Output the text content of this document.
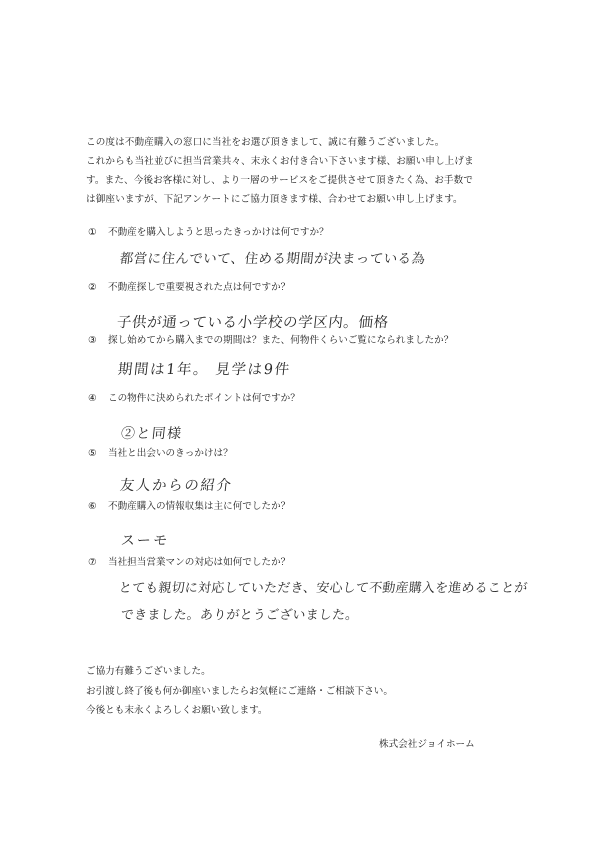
この度は不動産購入の窓口に当社をお選び頂きまして、誠に有難うございました。

これからも当社並びに担当営業共々、末永くお付き合い下さいます様、お願い申し上げま

す。また、今後お客様に対し、より一層のサービスをご提供させて頂きたく為、お手数で

は御座いますが、下記アンケートにご協力頂きます様、合わせてお願い申し上げます。

① 不動産を購入しようと思ったきっかけは何ですか？
都営に住んでいて、住める期間が決まっている為
② 不動産探しで重要視された点は何ですか？
子供が通っている小学校の学区内。価格
③ 探し始めてから購入までの期間は？また、何物件くらいご覧になられましたか？
期間は1年。 見学は9件
④ この物件に決められたポイントは何ですか？
②と同様
⑤ 当社と出会いのきっかけは？
友人からの紹介
⑥ 不動産購入の情報収集は主に何でしたか？
スーモ
⑦ 当社担当営業マンの対応は如何でしたか？
とても親切に対応していただき、安心して不動産購入を進めることが
できました。ありがとうございました。

ご協力有難うございました。

お引渡し終了後も何か御座いましたらお気軽にご連絡・ご相談下さい。

今後とも末永くよろしくお願い致します。

株式会社ジョイホーム
